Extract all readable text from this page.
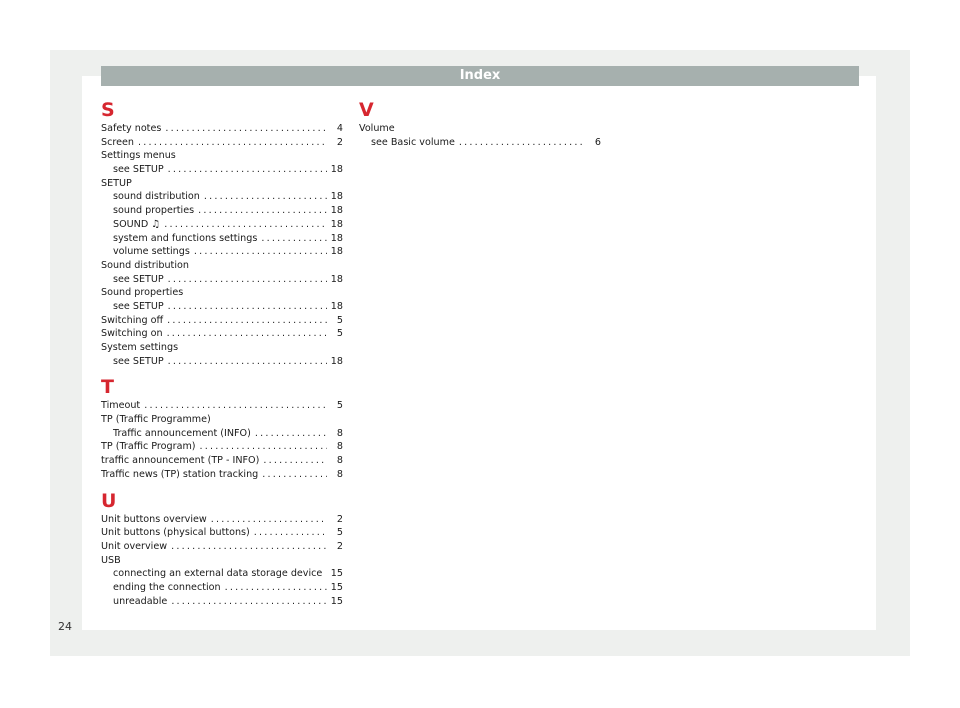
Index
S
Safety notes .....	4
Screen .....	2
Settings menus
see SETUP .....	18
SETUP
sound distribution .....	18
sound properties .....	18
SOUND ♫ .....	18
system and functions settings .....	18
volume settings .....	18
Sound distribution
see SETUP .....	18
Sound properties
see SETUP .....	18
Switching off .....	5
Switching on .....	5
System settings
see SETUP .....	18
T
Timeout .....	5
TP (Traffic Programme)
Traffic announcement (INFO) .....	8
TP (Traffic Program) .....	8
traffic announcement (TP - INFO) .....	8
Traffic news (TP) station tracking .....	8
U
Unit buttons overview .....	2
Unit buttons (physical buttons) .....	5
Unit overview .....	2
USB
connecting an external data storage device ..... 15
ending the connection .....	15
unreadable .....	15
V
Volume
see Basic volume .....	6
24
